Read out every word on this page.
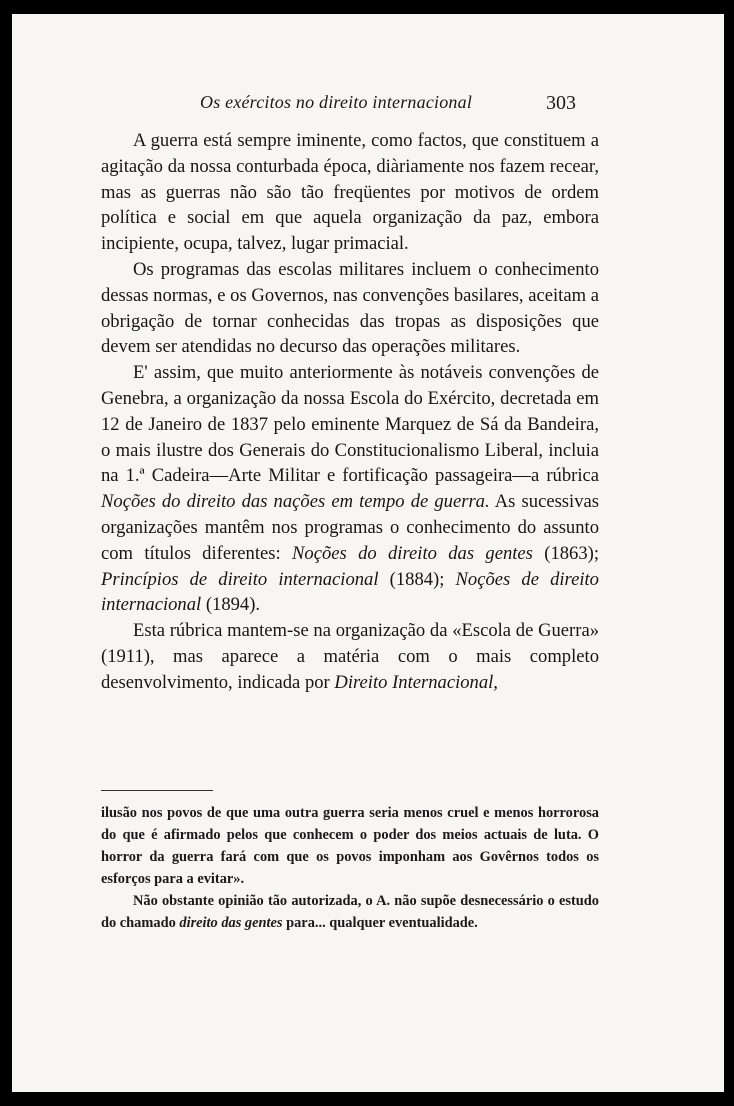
Os exércitos no direito internacional	303

A guerra está sempre iminente, como factos, que constituem a agitação da nossa conturbada época, diàriamente nos fazem recear, mas as guerras não são tão freqüentes por motivos de ordem política e social em que aquela organização da paz, embora incipiente, ocupa, talvez, lugar primacial.

Os programas das escolas militares incluem o conhecimento dessas normas, e os Governos, nas convenções basilares, aceitam a obrigação de tornar conhecidas das tropas as disposições que devem ser atendidas no decurso das operações militares.

E' assim, que muito anteriormente às notáveis convenções de Genebra, a organização da nossa Escola do Exército, decretada em 12 de Janeiro de 1837 pelo eminente Marquez de Sá da Bandeira, o mais ilustre dos Generais do Constitucionalismo Liberal, incluia na 1.ª Cadeira—Arte Militar e fortificação passageira—a rúbrica Noções do direito das nações em tempo de guerra. As sucessivas organizações mantêm nos programas o conhecimento do assunto com títulos diferentes: Noções do direito das gentes (1863); Princípios de direito internacional (1884); Noções de direito internacional (1894).

Esta rúbrica mantem-se na organização da «Escola de Guerra» (1911), mas aparece a matéria com o mais completo desenvolvimento, indicada por Direito Internacional,

ilusão nos povos de que uma outra guerra seria menos cruel e menos horrorosa do que é afirmado pelos que conhecem o poder dos meios actuais de luta. O horror da guerra fará com que os povos imponham aos Govêrnos todos os esforços para a evitar».

Não obstante opinião tão autorizada, o A. não supõe desnecessário o estudo do chamado direito das gentes para... qualquer eventualidade.
